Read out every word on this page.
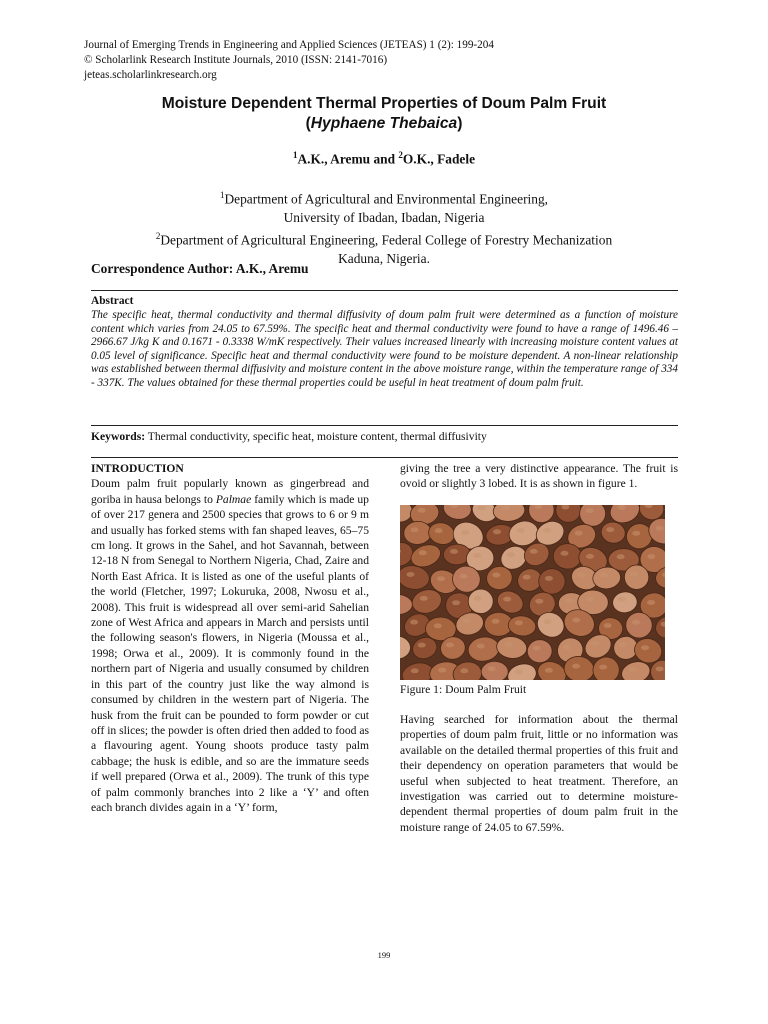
Journal of Emerging Trends in Engineering and Applied Sciences (JETEAS) 1 (2): 199-204
© Scholarlink Research Institute Journals, 2010 (ISSN: 2141-7016)
jeteas.scholarlinkresearch.org
Moisture Dependent Thermal Properties of Doum Palm Fruit
(Hyphaene Thebaica)
$^1$A.K., Aremu and $^2$O.K., Fadele
$^1$Department of Agricultural and Environmental Engineering,
University of Ibadan, Ibadan, Nigeria
$^2$Department of Agricultural Engineering, Federal College of Forestry Mechanization
Kaduna, Nigeria.
Correspondence Author: A.K., Aremu
Abstract
The specific heat, thermal conductivity and thermal diffusivity of doum palm fruit were determined as a function of moisture content which varies from 24.05 to 67.59%. The specific heat and thermal conductivity were found to have a range of 1496.46 – 2966.67 J/kg K and 0.1671 - 0.3338 W/mK respectively. Their values increased linearly with increasing moisture content values at 0.05 level of significance. Specific heat and thermal conductivity were found to be moisture dependent. A non-linear relationship was established between thermal diffusivity and moisture content in the above moisture range, within the temperature range of 334 - 337K. The values obtained for these thermal properties could be useful in heat treatment of doum palm fruit.
Keywords: Thermal conductivity, specific heat, moisture content, thermal diffusivity
INTRODUCTION
Doum palm fruit popularly known as gingerbread and goriba in hausa belongs to Palmae family which is made up of over 217 genera and 2500 species that grows to 6 or 9 m and usually has forked stems with fan shaped leaves, 65–75 cm long. It grows in the Sahel, and hot Savannah, between 12-18 N from Senegal to Northern Nigeria, Chad, Zaire and North East Africa. It is listed as one of the useful plants of the world (Fletcher, 1997; Lokuruka, 2008, Nwosu et al., 2008). This fruit is widespread all over semi-arid Sahelian zone of West Africa and appears in March and persists until the following season's flowers, in Nigeria (Moussa et al., 1998; Orwa et al., 2009). It is commonly found in the northern part of Nigeria and usually consumed by children in this part of the country just like the way almond is consumed by children in the western part of Nigeria. The husk from the fruit can be pounded to form powder or cut off in slices; the powder is often dried then added to food as a flavouring agent. Young shoots produce tasty palm cabbage; the husk is edible, and so are the immature seeds if well prepared (Orwa et al., 2009). The trunk of this type of palm commonly branches into 2 like a ‘Y’ and often each branch divides again in a ‘Y’ form,
giving the tree a very distinctive appearance. The fruit is ovoid or slightly 3 lobed. It is as shown in figure 1.
Figure 1: Doum Palm Fruit
Having searched for information about the thermal properties of doum palm fruit, little or no information was available on the detailed thermal properties of this fruit and their dependency on operation parameters that would be useful when subjected to heat treatment. Therefore, an investigation was carried out to determine moisture-dependent thermal properties of doum palm fruit in the moisture range of 24.05 to 67.59%.
199
